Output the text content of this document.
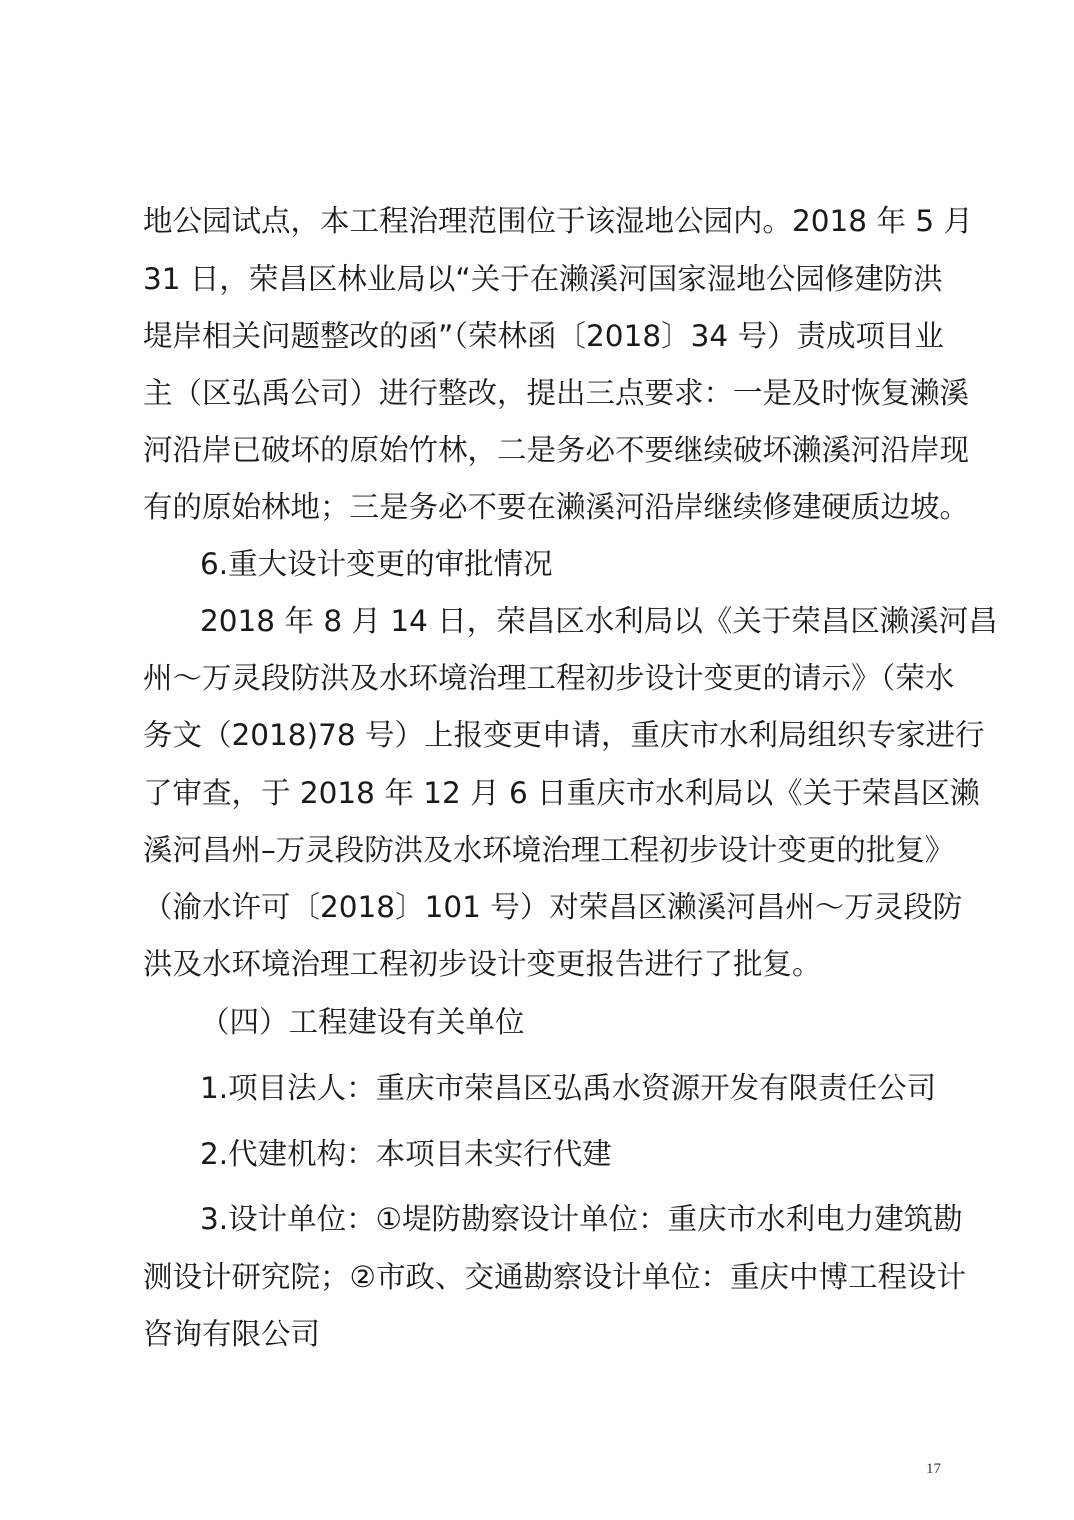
地公园试点，本工程治理范围位于该湿地公园内。2018 年 5 月
31 日，荣昌区林业局以“关于在濑溪河国家湿地公园修建防洪
堤岸相关问题整改的函”（荣林函〔2018〕34 号）责成项目业
主（区弘禹公司）进行整改，提出三点要求：一是及时恢复濑溪
河沿岸已破坏的原始竹林，二是务必不要继续破坏濑溪河沿岸现
有的原始林地；三是务必不要在濑溪河沿岸继续修建硬质边坡。
6.重大设计变更的审批情况
2018 年 8 月 14 日，荣昌区水利局以《关于荣昌区濑溪河昌
州～万灵段防洪及水环境治理工程初步设计变更的请示》（荣水
务文（2018)78 号）上报变更申请，重庆市水利局组织专家进行
了审查，于 2018 年 12 月 6 日重庆市水利局以《关于荣昌区濑
溪河昌州–万灵段防洪及水环境治理工程初步设计变更的批复》
（渝水许可〔2018〕101 号）对荣昌区濑溪河昌州～万灵段防
洪及水环境治理工程初步设计变更报告进行了批复。
（四）工程建设有关单位
1.项目法人：重庆市荣昌区弘禹水资源开发有限责任公司
2.代建机构：本项目未实行代建
3.设计单位：①堤防勘察设计单位：重庆市水利电力建筑勘
测设计研究院；②市政、交通勘察设计单位：重庆中博工程设计
咨询有限公司
17
